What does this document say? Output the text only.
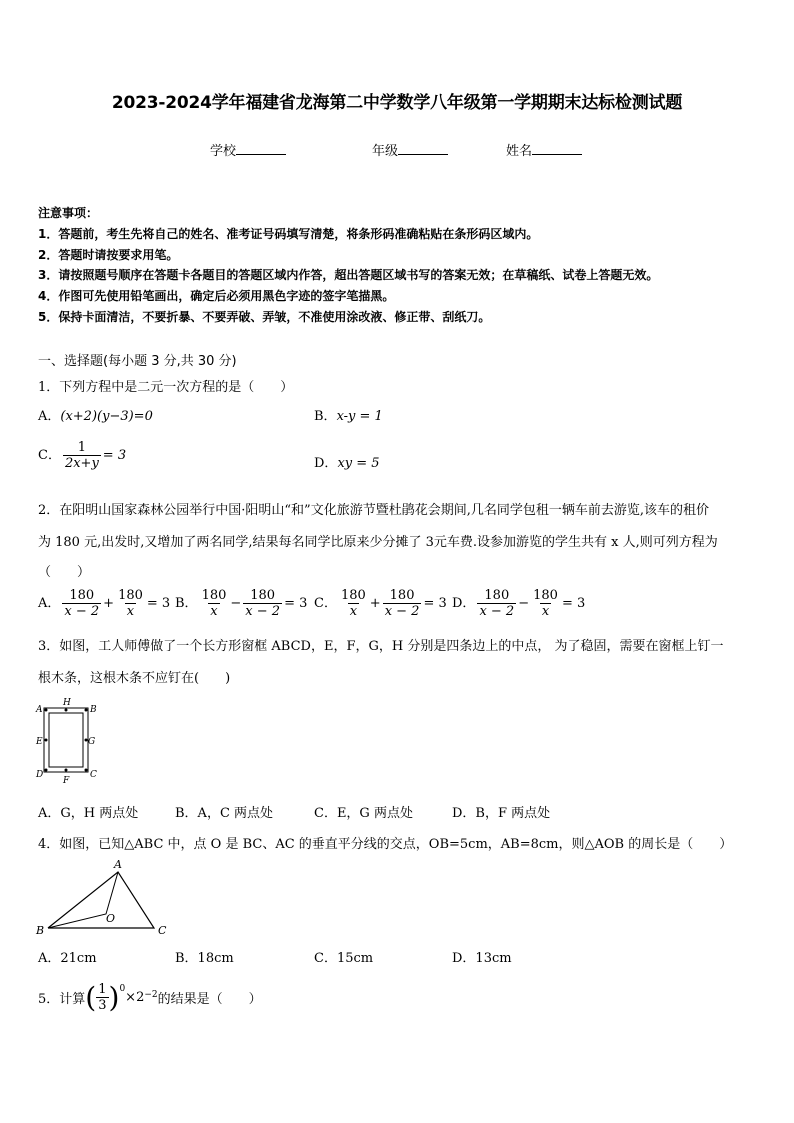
2023-2024学年福建省龙海第二中学数学八年级第一学期期末达标检测试题
学校	年级	姓名
注意事项：
1．答题前，考生先将自己的姓名、准考证号码填写清楚，将条形码准确粘贴在条形码区域内。
2．答题时请按要求用笔。
3．请按照题号顺序在答题卡各题目的答题区域内作答，超出答题区域书写的答案无效；在草稿纸、试卷上答题无效。
4．作图可先使用铅笔画出，确定后必须用黑色字迹的签字笔描黑。
5．保持卡面清洁，不要折暴、不要弄破、弄皱，不准使用涂改液、修正带、刮纸刀。
一、选择题(每小题 3 分,共 30 分)
1．下列方程中是二元一次方程的是（　　）
A．(x+2)(y−3)=0	B．x-y = 1
C． $\frac{1}{2x+y} = 3$
D．xy = 5
2．在阳明山国家森林公园举行中国·阳明山“和”文化旅游节暨杜鹃花会期间,几名同学包租一辆车前去游览,该车的租价
为 180 元,出发时,又增加了两名同学,结果每名同学比原来少分摊了 3元车费.设参加游览的学生共有 x 人,则可列方程为
（　　）
A． $\frac{180}{x - 2} + \frac{180}{x} = 3$ B． $\frac{180}{x} - \frac{180}{x - 2} = 3$ C． $\frac{180}{x} + \frac{180}{x - 2} = 3$ D． $\frac{180}{x - 2} - \frac{180}{x} = 3$
3．如图，工人师傅做了一个长方形窗框 ABCD，E，F，G，H 分别是四条边上的中点， 为了稳固，需要在窗框上钉一
根木条，这根木条不应钉在(　　)
A	B
C
D
E
F
G
H
A．G，H 两点处	B．A，C 两点处	C．E，G 两点处	D．B，F 两点处
4．如图，已知△ABC 中，点 O 是 BC、AC 的垂直平分线的交点，OB=5cm，AB=8cm，则△AOB 的周长是（　　）
A
B	C
O
A．21cm	B．18cm	C．15cm	D．13cm
5．计算 ( $\frac{1}{3} )^0$
×2 −2 的结果是（　　）
